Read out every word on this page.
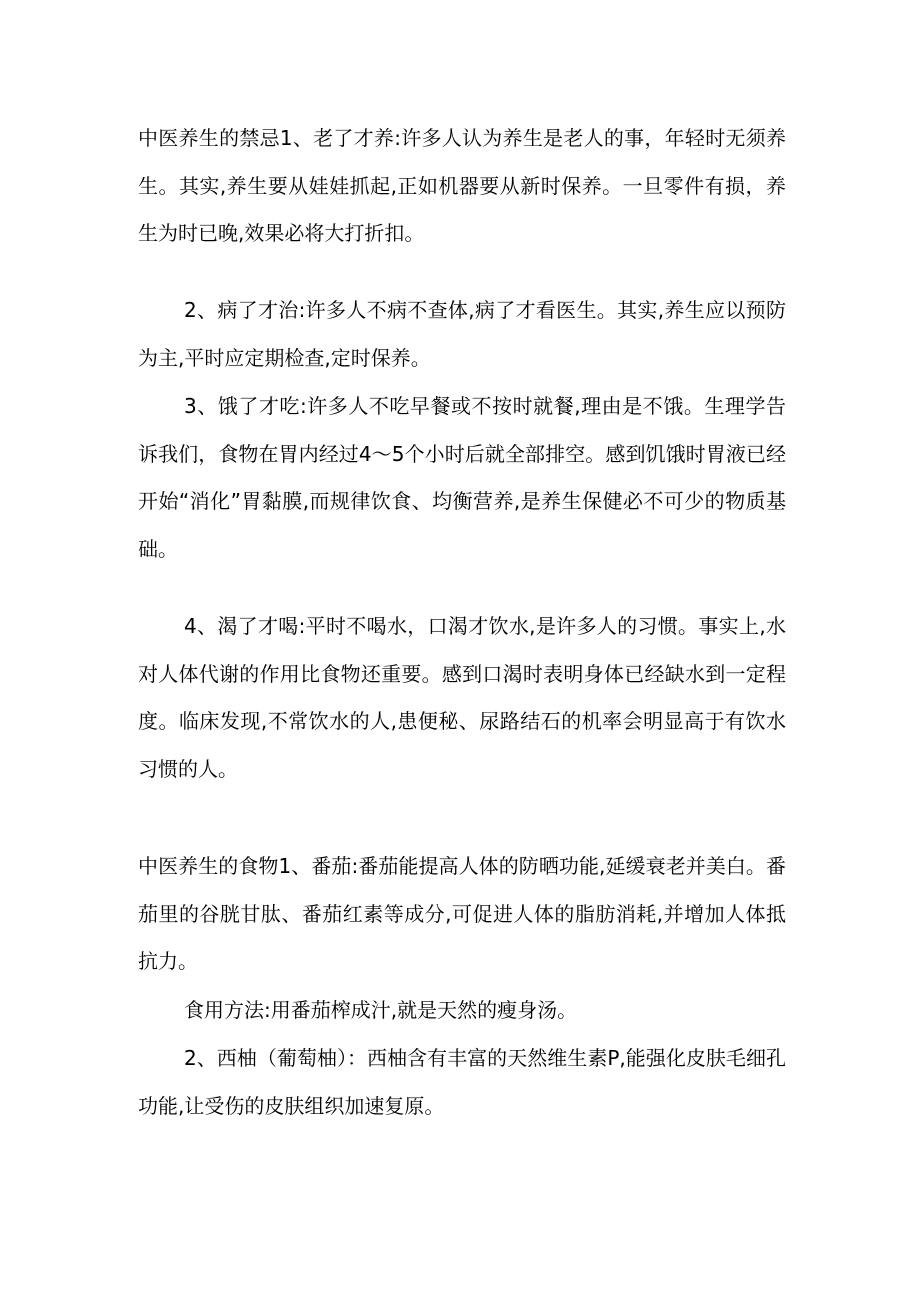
中医养生的禁忌1、老了才养:许多人认为养生是老人的事，年轻时无须养生。其实,养生要从娃娃抓起,正如机器要从新时保养。一旦零件有损，养生为时已晚,效果必将大打折扣。

2、病了才治:许多人不病不查体,病了才看医生。其实,养生应以预防为主,平时应定期检查,定时保养。

3、饿了才吃:许多人不吃早餐或不按时就餐,理由是不饿。生理学告诉我们，食物在胃内经过4～5个小时后就全部排空。感到饥饿时胃液已经开始“消化”胃黏膜,而规律饮食、均衡营养,是养生保健必不可少的物质基础。

4、渴了才喝:平时不喝水，口渴才饮水,是许多人的习惯。事实上,水对人体代谢的作用比食物还重要。感到口渴时表明身体已经缺水到一定程度。临床发现,不常饮水的人,患便秘、尿路结石的机率会明显高于有饮水习惯的人。

中医养生的食物1、番茄:番茄能提高人体的防晒功能,延缓衰老并美白。番茄里的谷胱甘肽、番茄红素等成分,可促进人体的脂肪消耗,并增加人体抵抗力。

食用方法:用番茄榨成汁,就是天然的瘦身汤。

2、西柚（葡萄柚）：西柚含有丰富的天然维生素P,能强化皮肤毛细孔功能,让受伤的皮肤组织加速复原。
